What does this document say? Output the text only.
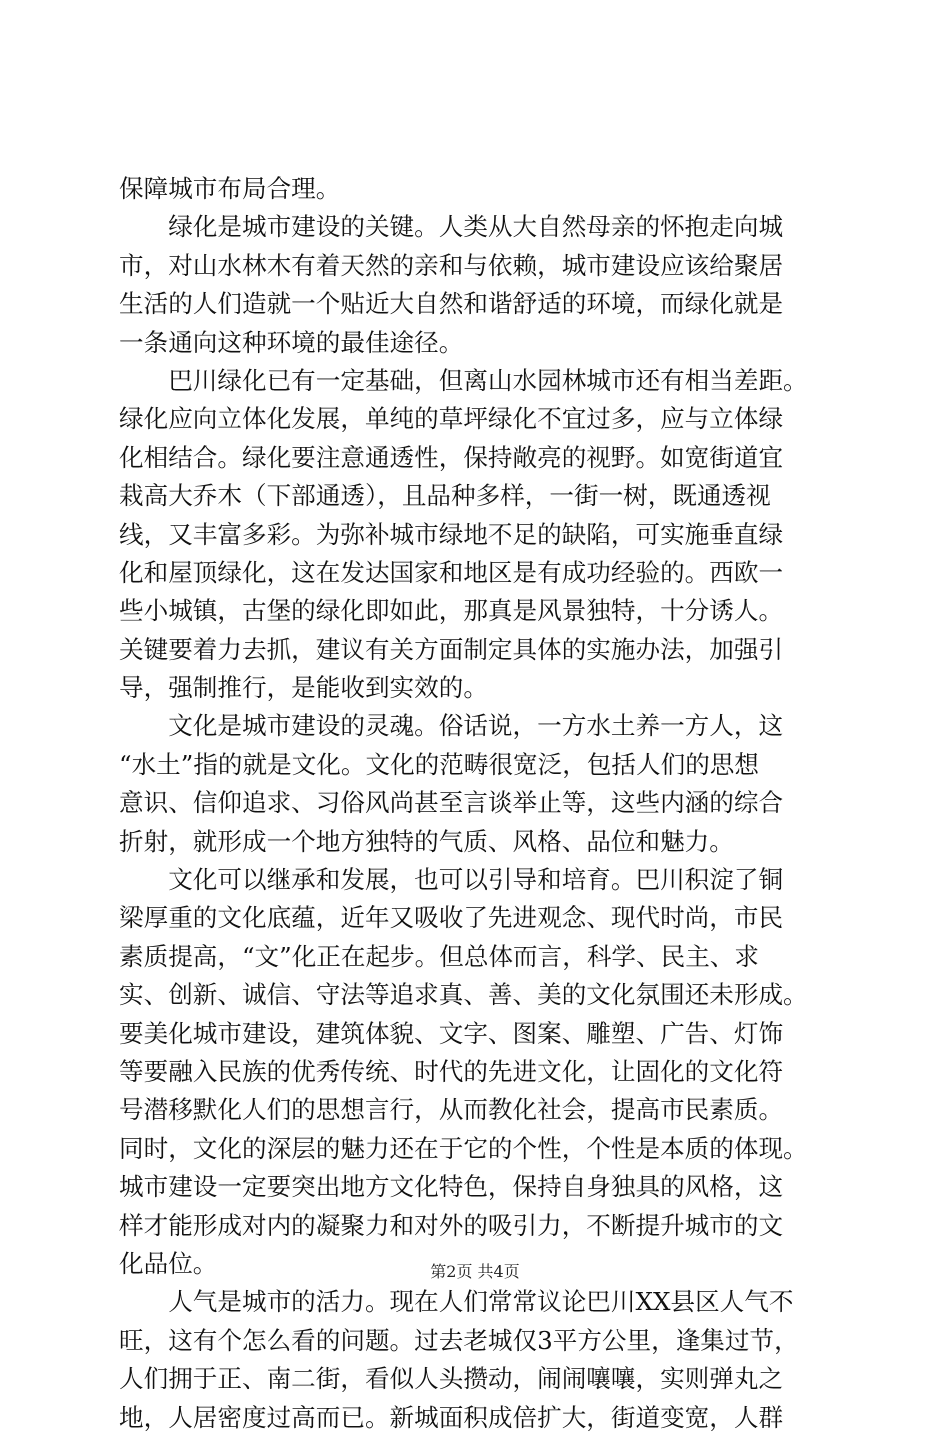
保障城市布局合理。
　　绿化是城市建设的关键。人类从大自然母亲的怀抱走向城
市，对山水林木有着天然的亲和与依赖，城市建设应该给聚居
生活的人们造就一个贴近大自然和谐舒适的环境，而绿化就是
一条通向这种环境的最佳途径。
　　巴川绿化已有一定基础，但离山水园林城市还有相当差距。
绿化应向立体化发展，单纯的草坪绿化不宜过多，应与立体绿
化相结合。绿化要注意通透性，保持敞亮的视野。如宽街道宜
栽高大乔木（下部通透），且品种多样，一街一树，既通透视
线，又丰富多彩。为弥补城市绿地不足的缺陷，可实施垂直绿
化和屋顶绿化，这在发达国家和地区是有成功经验的。西欧一
些小城镇，古堡的绿化即如此，那真是风景独特，十分诱人。
关键要着力去抓，建议有关方面制定具体的实施办法，加强引
导，强制推行，是能收到实效的。
　　文化是城市建设的灵魂。俗话说，一方水土养一方人，这
“水土”指的就是文化。文化的范畴很宽泛，包括人们的思想
意识、信仰追求、习俗风尚甚至言谈举止等，这些内涵的综合
折射，就形成一个地方独特的气质、风格、品位和魅力。
　　文化可以继承和发展，也可以引导和培育。巴川积淀了铜
梁厚重的文化底蕴，近年又吸收了先进观念、现代时尚，市民
素质提高，“文”化正在起步。但总体而言，科学、民主、求
实、创新、诚信、守法等追求真、善、美的文化氛围还未形成。
要美化城市建设，建筑体貌、文字、图案、雕塑、广告、灯饰
等要融入民族的优秀传统、时代的先进文化，让固化的文化符
号潜移默化人们的思想言行，从而教化社会，提高市民素质。
同时，文化的深层的魅力还在于它的个性，个性是本质的体现。
城市建设一定要突出地方文化特色，保持自身独具的风格，这
样才能形成对内的凝聚力和对外的吸引力，不断提升城市的文
化品位。
　　人气是城市的活力。现在人们常常议论巴川XX县区人气不
旺，这有个怎么看的问题。过去老城仅3平方公里，逢集过节，
人们拥于正、南二街，看似人头攒动，闹闹嚷嚷，实则弹丸之
地，人居密度过高而已。新城面积成倍扩大，街道变宽，人群
第2页 共4页
